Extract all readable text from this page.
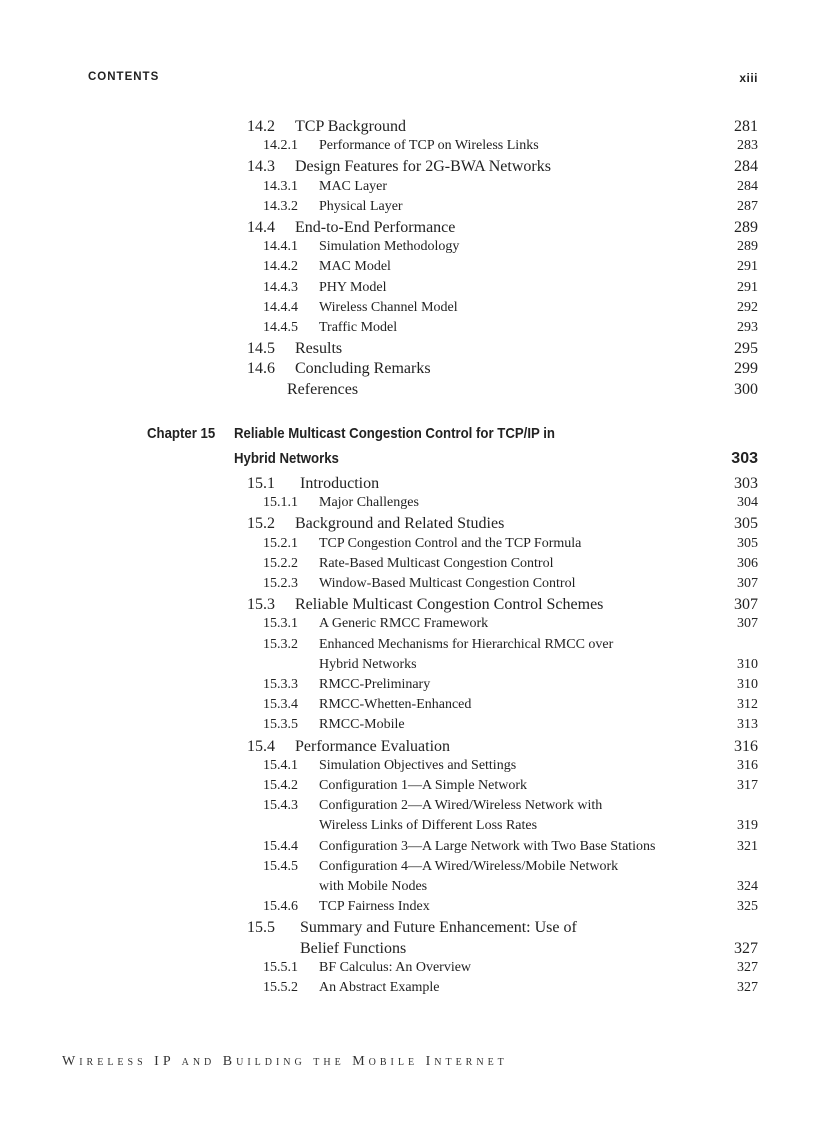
CONTENTS	xiii
14.2 TCP Background	281
14.2.1 Performance of TCP on Wireless Links	283
14.3 Design Features for 2G-BWA Networks	284
14.3.1 MAC Layer	284
14.3.2 Physical Layer	287
14.4 End-to-End Performance	289
14.4.1 Simulation Methodology	289
14.4.2 MAC Model	291
14.4.3 PHY Model	291
14.4.4 Wireless Channel Model	292
14.4.5 Traffic Model	293
14.5 Results	295
14.6 Concluding Remarks	299
References	300
Chapter 15 Reliable Multicast Congestion Control for TCP/IP in
Hybrid Networks	303
15.1 Introduction	303
15.1.1 Major Challenges	304
15.2 Background and Related Studies	305
15.2.1 TCP Congestion Control and the TCP Formula	305
15.2.2 Rate-Based Multicast Congestion Control	306
15.2.3 Window-Based Multicast Congestion Control	307
15.3 Reliable Multicast Congestion Control Schemes	307
15.3.1 A Generic RMCC Framework	307
15.3.2 Enhanced Mechanisms for Hierarchical RMCC over
Hybrid Networks	310
15.3.3 RMCC-Preliminary	310
15.3.4 RMCC-Whetten-Enhanced	312
15.3.5 RMCC-Mobile	313
15.4 Performance Evaluation	316
15.4.1 Simulation Objectives and Settings	316
15.4.2 Configuration 1—A Simple Network	317
15.4.3 Configuration 2—A Wired/Wireless Network with
Wireless Links of Different Loss Rates	319
15.4.4 Configuration 3—A Large Network with Two Base Stations	321
15.4.5 Configuration 4—A Wired/Wireless/Mobile Network
with Mobile Nodes	324
15.4.6 TCP Fairness Index	325
15.5 Summary and Future Enhancement: Use of
Belief Functions	327
15.5.1 BF Calculus: An Overview	327
15.5.2 An Abstract Example	327
Wireless IP and Building the Mobile Internet
